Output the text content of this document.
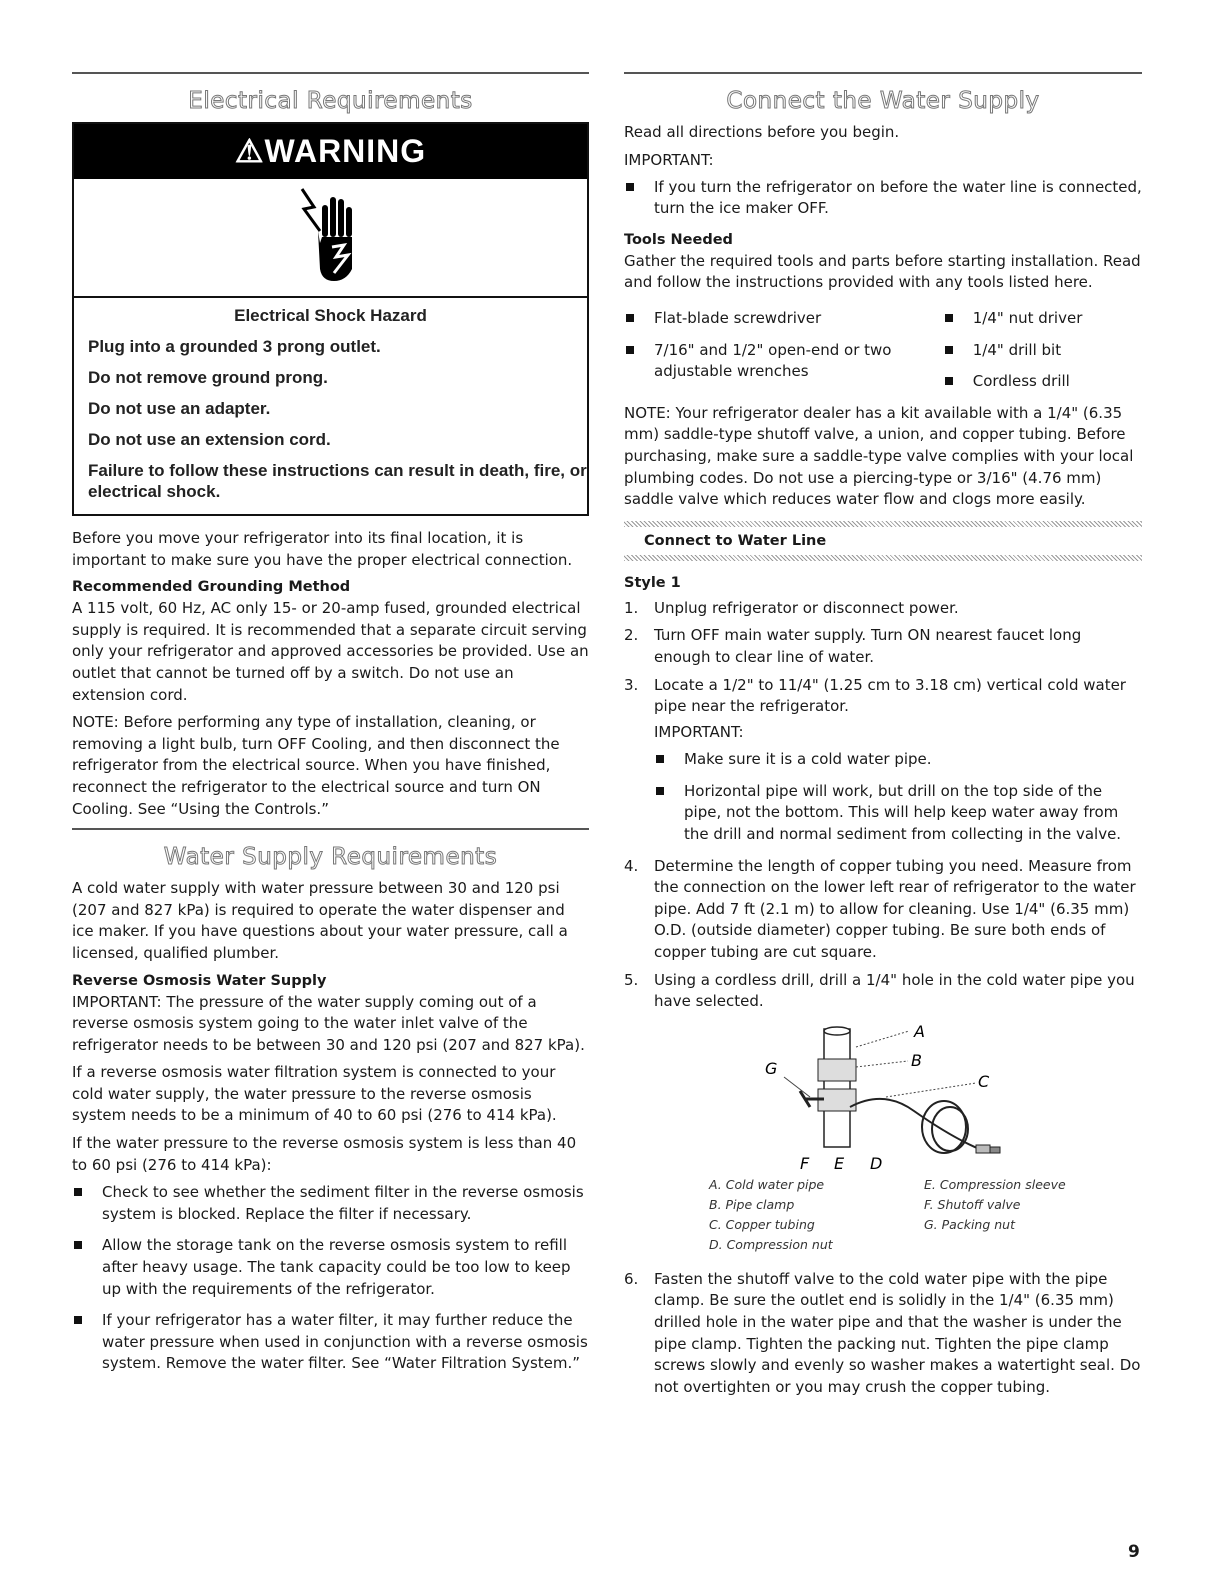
Electrical Requirements
⚠WARNING
Electrical Shock Hazard
Plug into a grounded 3 prong outlet.
Do not remove ground prong.
Do not use an adapter.
Do not use an extension cord.
Failure to follow these instructions can result in death, fire, or electrical shock.

Before you move your refrigerator into its final location, it is important to make sure you have the proper electrical connection.

Recommended Grounding Method

A 115 volt, 60 Hz, AC only 15- or 20-amp fused, grounded electrical supply is required. It is recommended that a separate circuit serving only your refrigerator and approved accessories be provided. Use an outlet that cannot be turned off by a switch. Do not use an extension cord.

NOTE: Before performing any type of installation, cleaning, or removing a light bulb, turn OFF Cooling, and then disconnect the refrigerator from the electrical source. When you have finished, reconnect the refrigerator to the electrical source and turn ON Cooling. See “Using the Controls.”

Water Supply Requirements

A cold water supply with water pressure between 30 and 120 psi (207 and 827 kPa) is required to operate the water dispenser and ice maker. If you have questions about your water pressure, call a licensed, qualified plumber.

Reverse Osmosis Water Supply

IMPORTANT: The pressure of the water supply coming out of a reverse osmosis system going to the water inlet valve of the refrigerator needs to be between 30 and 120 psi (207 and 827 kPa).

If a reverse osmosis water filtration system is connected to your cold water supply, the water pressure to the reverse osmosis system needs to be a minimum of 40 to 60 psi (276 to 414 kPa).

If the water pressure to the reverse osmosis system is less than 40 to 60 psi (276 to 414 kPa):

Check to see whether the sediment filter in the reverse osmosis system is blocked. Replace the filter if necessary.
Allow the storage tank on the reverse osmosis system to refill after heavy usage. The tank capacity could be too low to keep up with the requirements of the refrigerator.
If your refrigerator has a water filter, it may further reduce the water pressure when used in conjunction with a reverse osmosis system. Remove the water filter. See “Water Filtration System.”
Connect the Water Supply

Read all directions before you begin.

IMPORTANT:
If you turn the refrigerator on before the water line is connected, turn the ice maker OFF.
Tools Needed

Gather the required tools and parts before starting installation. Read and follow the instructions provided with any tools listed here.

Flat-blade screwdriver
7/16" and 1/2" open-end or two adjustable wrenches
1/4" nut driver
1/4" drill bit
Cordless drill

NOTE: Your refrigerator dealer has a kit available with a 1/4" (6.35 mm) saddle-type shutoff valve, a union, and copper tubing. Before purchasing, make sure a saddle-type valve complies with your local plumbing codes. Do not use a piercing-type or 3/16" (4.76 mm) saddle valve which reduces water flow and clogs more easily.

Connect to Water Line
Style 1
1. Unplug refrigerator or disconnect power.
2. Turn OFF main water supply. Turn ON nearest faucet long enough to clear line of water.
3. Locate a 1/2" to 11/4" (1.25 cm to 3.18 cm) vertical cold water pipe near the refrigerator.
IMPORTANT:
Make sure it is a cold water pipe.
Horizontal pipe will work, but drill on the top side of the pipe, not the bottom. This will help keep water away from the drill and normal sediment from collecting in the valve.
4. Determine the length of copper tubing you need. Measure from the connection on the lower left rear of refrigerator to the water pipe. Add 7 ft (2.1 m) to allow for cleaning. Use 1/4" (6.35 mm) O.D. (outside diameter) copper tubing. Be sure both ends of copper tubing are cut square.
5. Using a cordless drill, drill a 1/4" hole in the cold water pipe you have selected.
A
B
C
D
E
F
G
A. Cold water pipe
B. Pipe clamp
C. Copper tubing
D. Compression nut
E. Compression sleeve
F. Shutoff valve
G. Packing nut
6. Fasten the shutoff valve to the cold water pipe with the pipe clamp. Be sure the outlet end is solidly in the 1/4" (6.35 mm) drilled hole in the water pipe and that the washer is under the pipe clamp. Tighten the packing nut. Tighten the pipe clamp screws slowly and evenly so washer makes a watertight seal. Do not overtighten or you may crush the copper tubing.
9
